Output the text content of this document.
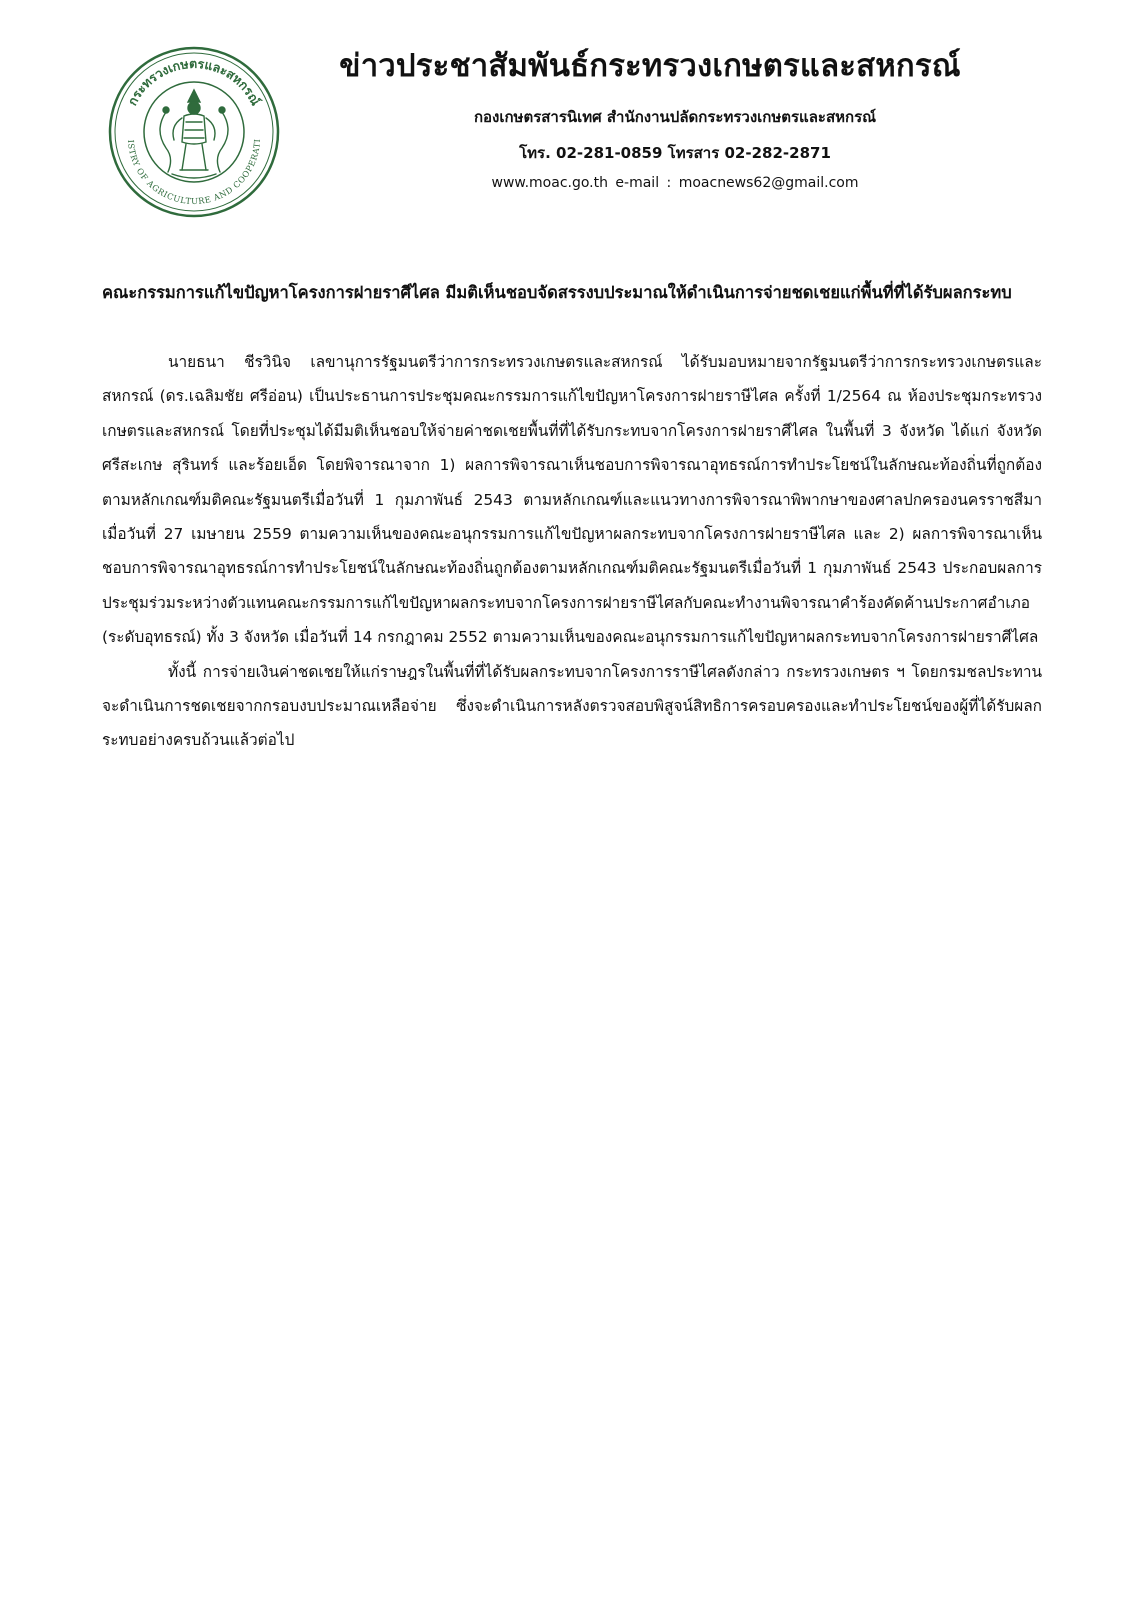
กระทรวงเกษตรและสหกรณ์
ISTRY OF AGRICULTURE AND COOPERATI
ข่าวประชาสัมพันธ์กระทรวงเกษตรและสหกรณ์
กองเกษตรสารนิเทศ สำนักงานปลัดกระทรวงเกษตรและสหกรณ์
โทร. 02-281-0859 โทรสาร 02-282-2871
www.moac.go.th e-mail : moacnews62@gmail.com
คณะกรรมการแก้ไขปัญหาโครงการฝายราศีไศล มีมติเห็นชอบจัดสรรงบประมาณให้ดำเนินการจ่ายชดเชยแก่พื้นที่ที่ได้รับผลกระทบ

นายธนา ชีรวินิจ เลขานุการรัฐมนตรีว่าการกระทรวงเกษตรและสหกรณ์ ได้รับมอบหมายจากรัฐมนตรีว่าการกระทรวงเกษตรและสหกรณ์ (ดร.เฉลิมชัย ศรีอ่อน) เป็นประธานการประชุมคณะกรรมการแก้ไขปัญหาโครงการฝายราษีไศล ครั้งที่ 1/2564 ณ ห้องประชุมกระทรวงเกษตรและสหกรณ์ โดยที่ประชุมได้มีมติเห็นชอบให้จ่ายค่าชดเชยพื้นที่ที่ได้รับกระทบจากโครงการฝายราศีไศล ในพื้นที่ 3 จังหวัด ได้แก่ จังหวัดศรีสะเกษ สุรินทร์ และร้อยเอ็ด โดยพิจารณาจาก 1) ผลการพิจารณาเห็นชอบการพิจารณาอุทธรณ์การทำประโยชน์ในลักษณะท้องถิ่นที่ถูกต้องตามหลักเกณฑ์มติคณะรัฐมนตรีเมื่อวันที่ 1 กุมภาพันธ์ 2543 ตามหลักเกณฑ์และแนวทางการพิจารณาพิพากษาของศาลปกครองนครราชสีมา เมื่อวันที่ 27 เมษายน 2559 ตามความเห็นของคณะอนุกรรมการแก้ไขปัญหาผลกระทบจากโครงการฝายราษีไศล และ 2) ผลการพิจารณาเห็นชอบการพิจารณาอุทธรณ์การทำประโยชน์ในลักษณะท้องถิ่นถูกต้องตามหลักเกณฑ์มติคณะรัฐมนตรีเมื่อวันที่ 1 กุมภาพันธ์ 2543 ประกอบผลการประชุมร่วมระหว่างตัวแทนคณะกรรมการแก้ไขปัญหาผลกระทบจากโครงการฝายราษีไศลกับคณะทำงานพิจารณาคำร้องคัดค้านประกาศอำเภอ (ระดับอุทธรณ์) ทั้ง 3 จังหวัด เมื่อวันที่ 14 กรกฎาคม 2552 ตามความเห็นของคณะอนุกรรมการแก้ไขปัญหาผลกระทบจากโครงการฝายราศีไศล

ทั้งนี้ การจ่ายเงินค่าชดเชยให้แก่ราษฎรในพื้นที่ที่ได้รับผลกระทบจากโครงการราษีไศลดังกล่าว กระทรวงเกษตร ฯ โดยกรมชลประทาน จะดำเนินการชดเชยจากกรอบงบประมาณเหลือจ่าย ซึ่งจะดำเนินการหลังตรวจสอบพิสูจน์สิทธิการครอบครองและทำประโยชน์ของผู้ที่ได้รับผลกระทบอย่างครบถ้วนแล้วต่อไป
